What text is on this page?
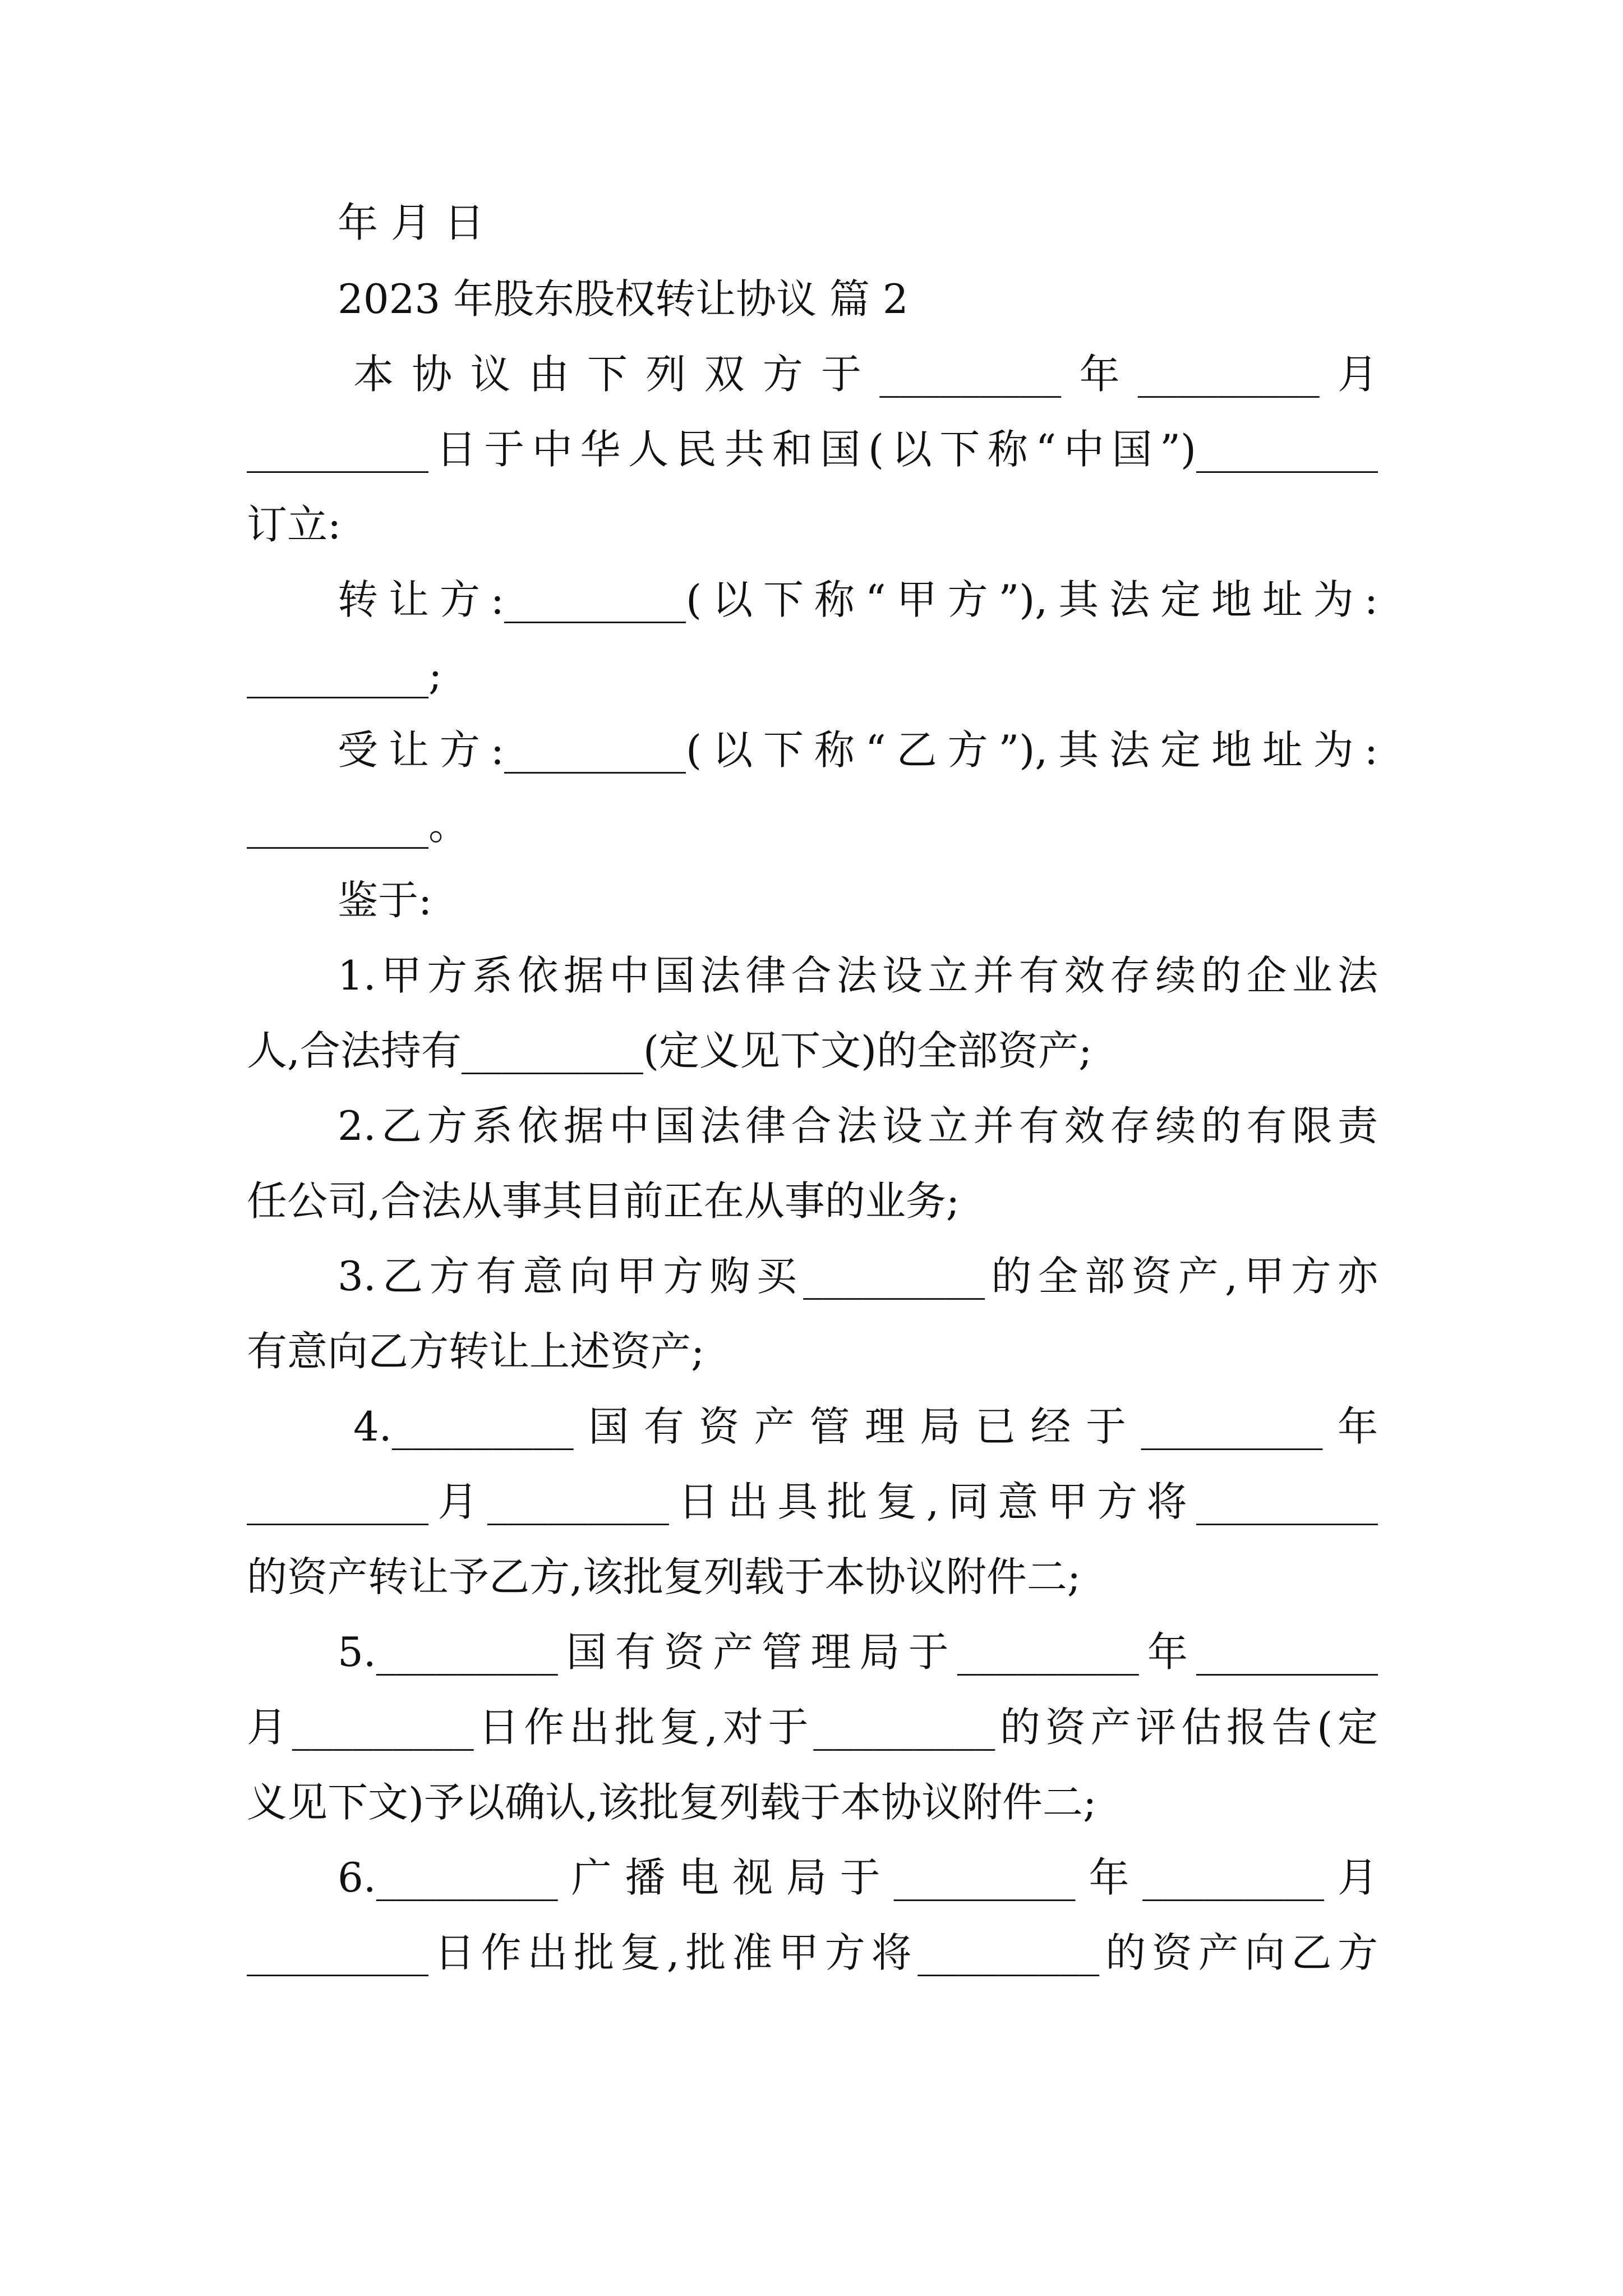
年 月 日
2023 年股东股权转让协议 篇 2
本协议由下列双方于_________年_________月
_________日于中华人民共和国(以下称“中国”)_________
订立:
转让方:_________(以下称“甲方”),其法定地址为:
_________;
受让方:_________(以下称“乙方”),其法定地址为:
_________。
鉴于:
1.甲方系依据中国法律合法设立并有效存续的企业法
人,合法持有_________(定义见下文)的全部资产;
2.乙方系依据中国法律合法设立并有效存续的有限责
任公司,合法从事其目前正在从事的业务;
3.乙方有意向甲方购买_________的全部资产,甲方亦
有意向乙方转让上述资产;
4._________国有资产管理局已经于_________年
_________月_________日出具批复,同意甲方将_________
的资产转让予乙方,该批复列载于本协议附件二;
5._________国有资产管理局于_________年_________
月_________日作出批复,对于_________的资产评估报告(定
义见下文)予以确认,该批复列载于本协议附件二;
6._________广播电视局于_________年_________月
_________日作出批复,批准甲方将_________的资产向乙方
